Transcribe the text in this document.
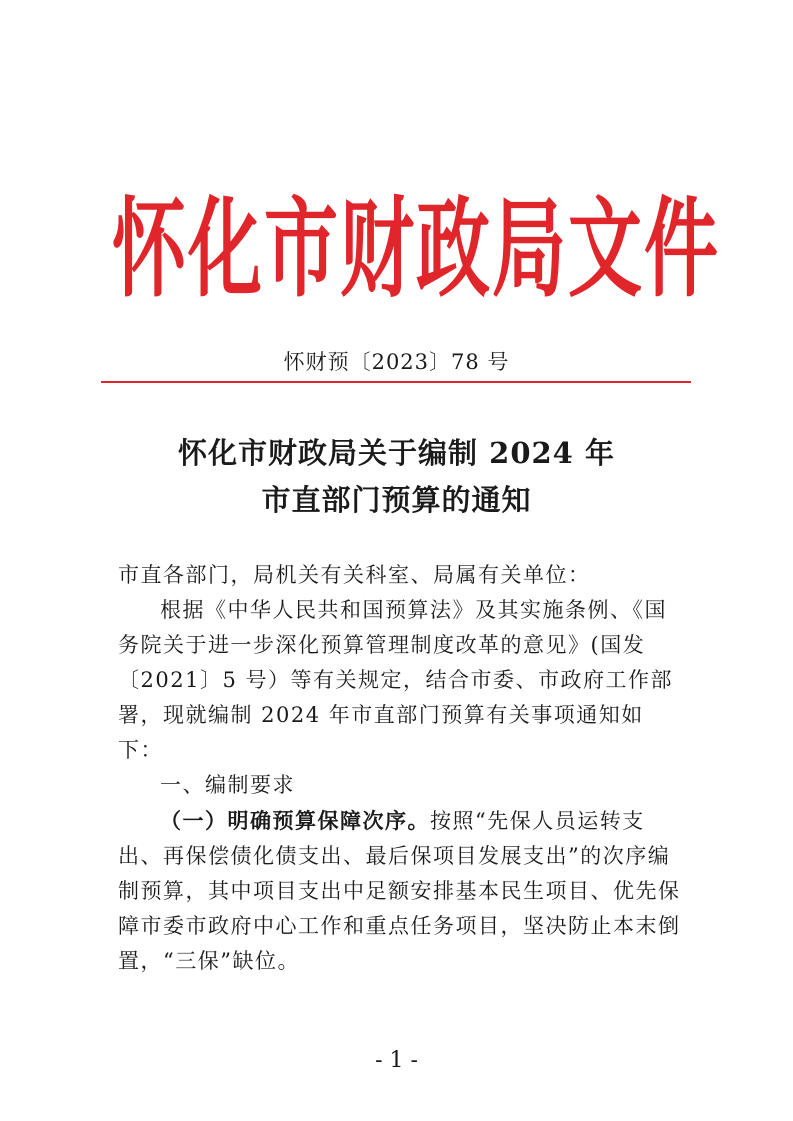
怀 化 市 财 政 局 文 件
怀财预〔2023〕78 号
怀化市财政局关于编制 2024 年
市直部门预算的通知

市直各部门，局机关有关科室、局属有关单位：

根据《中华人民共和国预算法》及其实施条例、《国务院关于进一步深化预算管理制度改革的意见》(国发〔2021〕5 号）等有关规定，结合市委、市政府工作部署，现就编制 2024 年市直部门预算有关事项通知如下：

一、编制要求

（一）明确预算保障次序。按照“先保人员运转支出、再保偿债化债支出、最后保项目发展支出”的次序编制预算，其中项目支出中足额安排基本民生项目、优先保障市委市政府中心工作和重点任务项目，坚决防止本末倒置，“三保”缺位。

- 1 -
